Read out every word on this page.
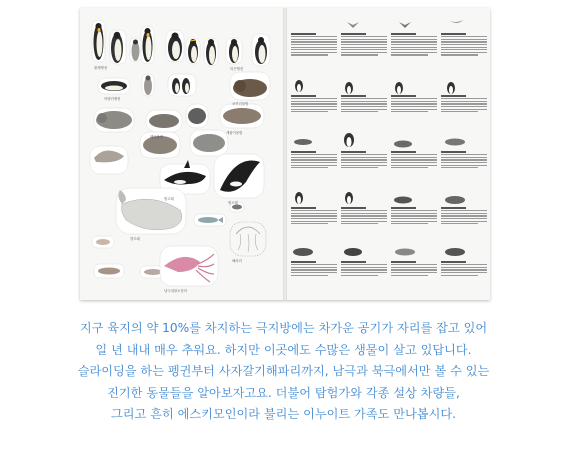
황제펭귄	턱끈펭귄
아델리펭귄
코끼리물범
웨들물범
게잡이물범
범고래
범고래
향고래
해파리
남극대왕오징어

지구 육지의 약 10%를 차지하는 극지방에는 차가운 공기가 자리를 잡고 있어

일 년 내내 매우 추워요. 하지만 이곳에도 수많은 생물이 살고 있답니다.

슬라이딩을 하는 펭귄부터 사자갈기해파리까지, 남극과 북극에서만 볼 수 있는

진기한 동물들을 알아보자고요. 더불어 탐험가와 각종 설상 차량들,

그리고 흔히 에스키모인이라 불리는 이누이트 가족도 만나봅시다.
